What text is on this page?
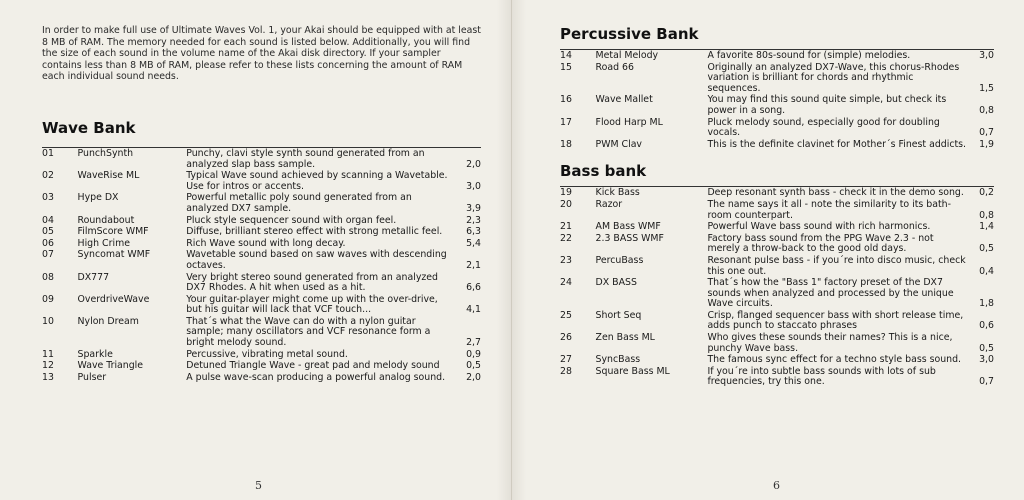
In order to make full use of Ultimate Waves Vol. 1, your Akai should be equipped with at least 8 MB of RAM. The memory needed for each sound is listed below. Additionally, you will find the size of each sound in the volume name of the Akai disk directory. If your sampler contains less than 8 MB of RAM, please refer to these lists concerning the amount of RAM each individual sound needs.

Wave Bank

01	PunchSynth	Punchy, clavi style synth sound generated from an analyzed slap bass sample.	2,0
02	WaveRise ML	Typical Wave sound achieved by scanning a Wavetable. Use for intros or accents.	3,0
03	Hype DX	Powerful metallic poly sound generated from an analyzed DX7 sample.	3,9
04	Roundabout	Pluck style sequencer sound with organ feel.	2,3
05	FilmScore WMF	Diffuse, brilliant stereo effect with strong metallic feel.	6,3
06	High Crime	Rich Wave sound with long decay.	5,4
07	Syncomat WMF	Wavetable sound based on saw waves with descending octaves.	2,1
08	DX777	Very bright stereo sound generated from an analyzed DX7 Rhodes. A hit when used as a hit.	6,6
09	OverdriveWave	Your guitar-player might come up with the over-drive, but his guitar will lack that VCF touch...	4,1
10	Nylon Dream	That´s what the Wave can do with a nylon guitar sample; many oscillators and VCF resonance form a bright melody sound.	2,7
11	Sparkle	Percussive, vibrating metal sound.	0,9
12	Wave Triangle	Detuned Triangle Wave - great pad and melody sound	0,5
13	Pulser	A pulse wave-scan producing a powerful analog sound.	2,0
5
Percussive Bank

14	Metal Melody	A favorite 80s-sound for (simple) melodies.	3,0
15	Road 66	Originally an analyzed DX7-Wave, this chorus-Rhodes variation is brilliant for chords and rhythmic sequences.	1,5
16	Wave Mallet	You may find this sound quite simple, but check its power in a song.	0,8
17	Flood Harp ML	Pluck melody sound, especially good for doubling vocals.	0,7
18	PWM Clav	This is the definite clavinet for Mother´s Finest addicts.	1,9
Bass bank

19	Kick Bass	Deep resonant synth bass - check it in the demo song.	0,2
20	Razor	The name says it all - note the similarity to its bath-room counterpart.	0,8
21	AM Bass WMF	Powerful Wave bass sound with rich harmonics.	1,4
22	2.3 BASS WMF	Factory bass sound from the PPG Wave 2.3 - not merely a throw-back to the good old days.	0,5
23	PercuBass	Resonant pulse bass - if you´re into disco music, check this one out.	0,4
24	DX BASS	That´s how the "Bass 1" factory preset of the DX7 sounds when analyzed and processed by the unique Wave circuits.	1,8
25	Short Seq	Crisp, flanged sequencer bass with short release time, adds punch to staccato phrases	0,6
26	Zen Bass ML	Who gives these sounds their names? This is a nice, punchy Wave bass.	0,5
27	SyncBass	The famous sync effect for a techno style bass sound.	3,0
28	Square Bass ML	If you´re into subtle bass sounds with lots of sub frequencies, try this one.	0,7
6
